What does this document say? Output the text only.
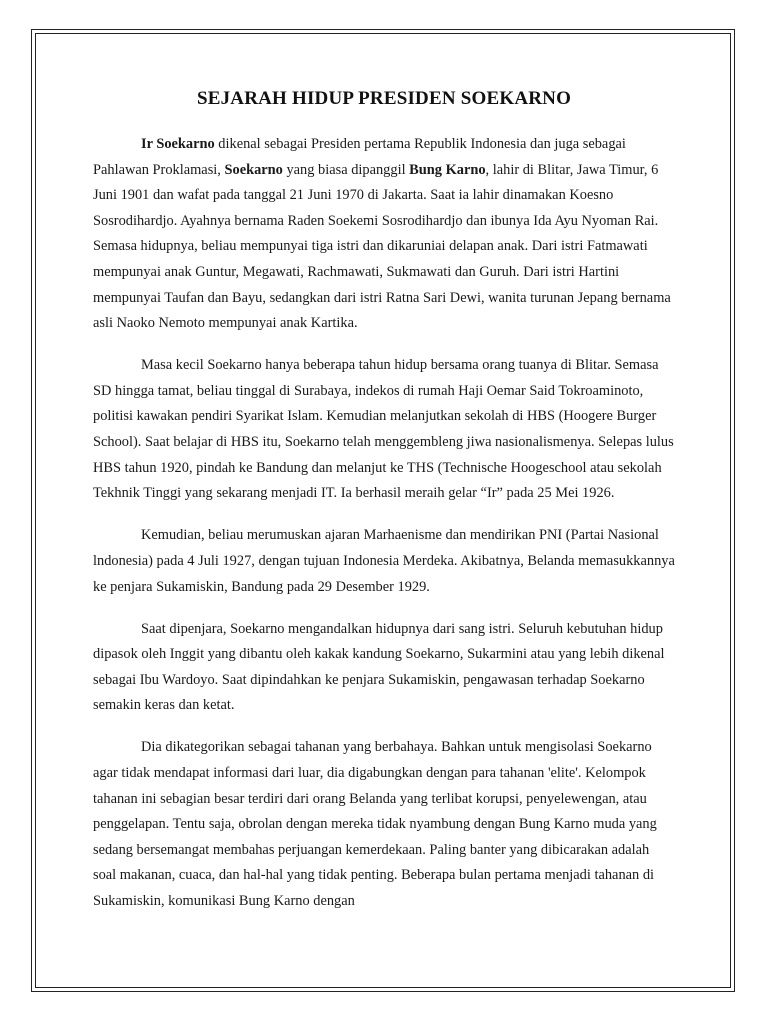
SEJARAH HIDUP PRESIDEN SOEKARNO

Ir Soekarno dikenal sebagai Presiden pertama Republik Indonesia dan juga sebagai Pahlawan Proklamasi, Soekarno yang biasa dipanggil Bung Karno, lahir di Blitar, Jawa Timur, 6 Juni 1901 dan wafat pada tanggal 21 Juni 1970 di Jakarta. Saat ia lahir dinamakan Koesno Sosrodihardjo. Ayahnya bernama Raden Soekemi Sosrodihardjo dan ibunya Ida Ayu Nyoman Rai. Semasa hidupnya, beliau mempunyai tiga istri dan dikaruniai delapan anak. Dari istri Fatmawati mempunyai anak Guntur, Megawati, Rachmawati, Sukmawati dan Guruh. Dari istri Hartini mempunyai Taufan dan Bayu, sedangkan dari istri Ratna Sari Dewi, wanita turunan Jepang bernama asli Naoko Nemoto mempunyai anak Kartika.

Masa kecil Soekarno hanya beberapa tahun hidup bersama orang tuanya di Blitar. Semasa SD hingga tamat, beliau tinggal di Surabaya, indekos di rumah Haji Oemar Said Tokroaminoto, politisi kawakan pendiri Syarikat Islam. Kemudian melanjutkan sekolah di HBS (Hoogere Burger School). Saat belajar di HBS itu, Soekarno telah menggembleng jiwa nasionalismenya. Selepas lulus HBS tahun 1920, pindah ke Bandung dan melanjut ke THS (Technische Hoogeschool atau sekolah Tekhnik Tinggi yang sekarang menjadi IT. Ia berhasil meraih gelar “Ir” pada 25 Mei 1926.

Kemudian, beliau merumuskan ajaran Marhaenisme dan mendirikan PNI (Partai Nasional lndonesia) pada 4 Juli 1927, dengan tujuan Indonesia Merdeka. Akibatnya, Belanda memasukkannya ke penjara Sukamiskin, Bandung pada 29 Desember 1929.

Saat dipenjara, Soekarno mengandalkan hidupnya dari sang istri. Seluruh kebutuhan hidup dipasok oleh Inggit yang dibantu oleh kakak kandung Soekarno, Sukarmini atau yang lebih dikenal sebagai Ibu Wardoyo. Saat dipindahkan ke penjara Sukamiskin, pengawasan terhadap Soekarno semakin keras dan ketat.

Dia dikategorikan sebagai tahanan yang berbahaya. Bahkan untuk mengisolasi Soekarno agar tidak mendapat informasi dari luar, dia digabungkan dengan para tahanan 'elite'. Kelompok tahanan ini sebagian besar terdiri dari orang Belanda yang terlibat korupsi, penyelewengan, atau penggelapan. Tentu saja, obrolan dengan mereka tidak nyambung dengan Bung Karno muda yang sedang bersemangat membahas perjuangan kemerdekaan. Paling banter yang dibicarakan adalah soal makanan, cuaca, dan hal-hal yang tidak penting. Beberapa bulan pertama menjadi tahanan di Sukamiskin, komunikasi Bung Karno dengan
